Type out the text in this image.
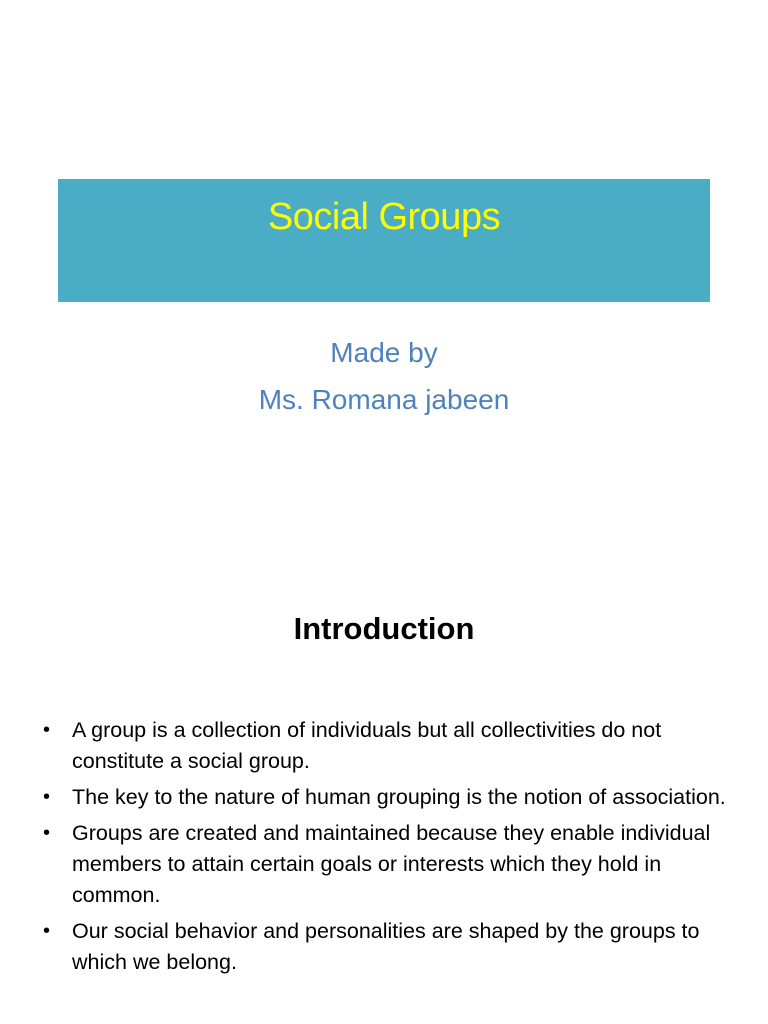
Social Groups
Made by
Ms. Romana jabeen
Introduction
• A group is a collection of individuals but all collectivities do not constitute a social group.
• The key to the nature of human grouping is the notion of association.
• Groups are created and maintained because they enable individual members to attain certain goals or interests which they hold in common.
• Our social behavior and personalities are shaped by the groups to which we belong.
